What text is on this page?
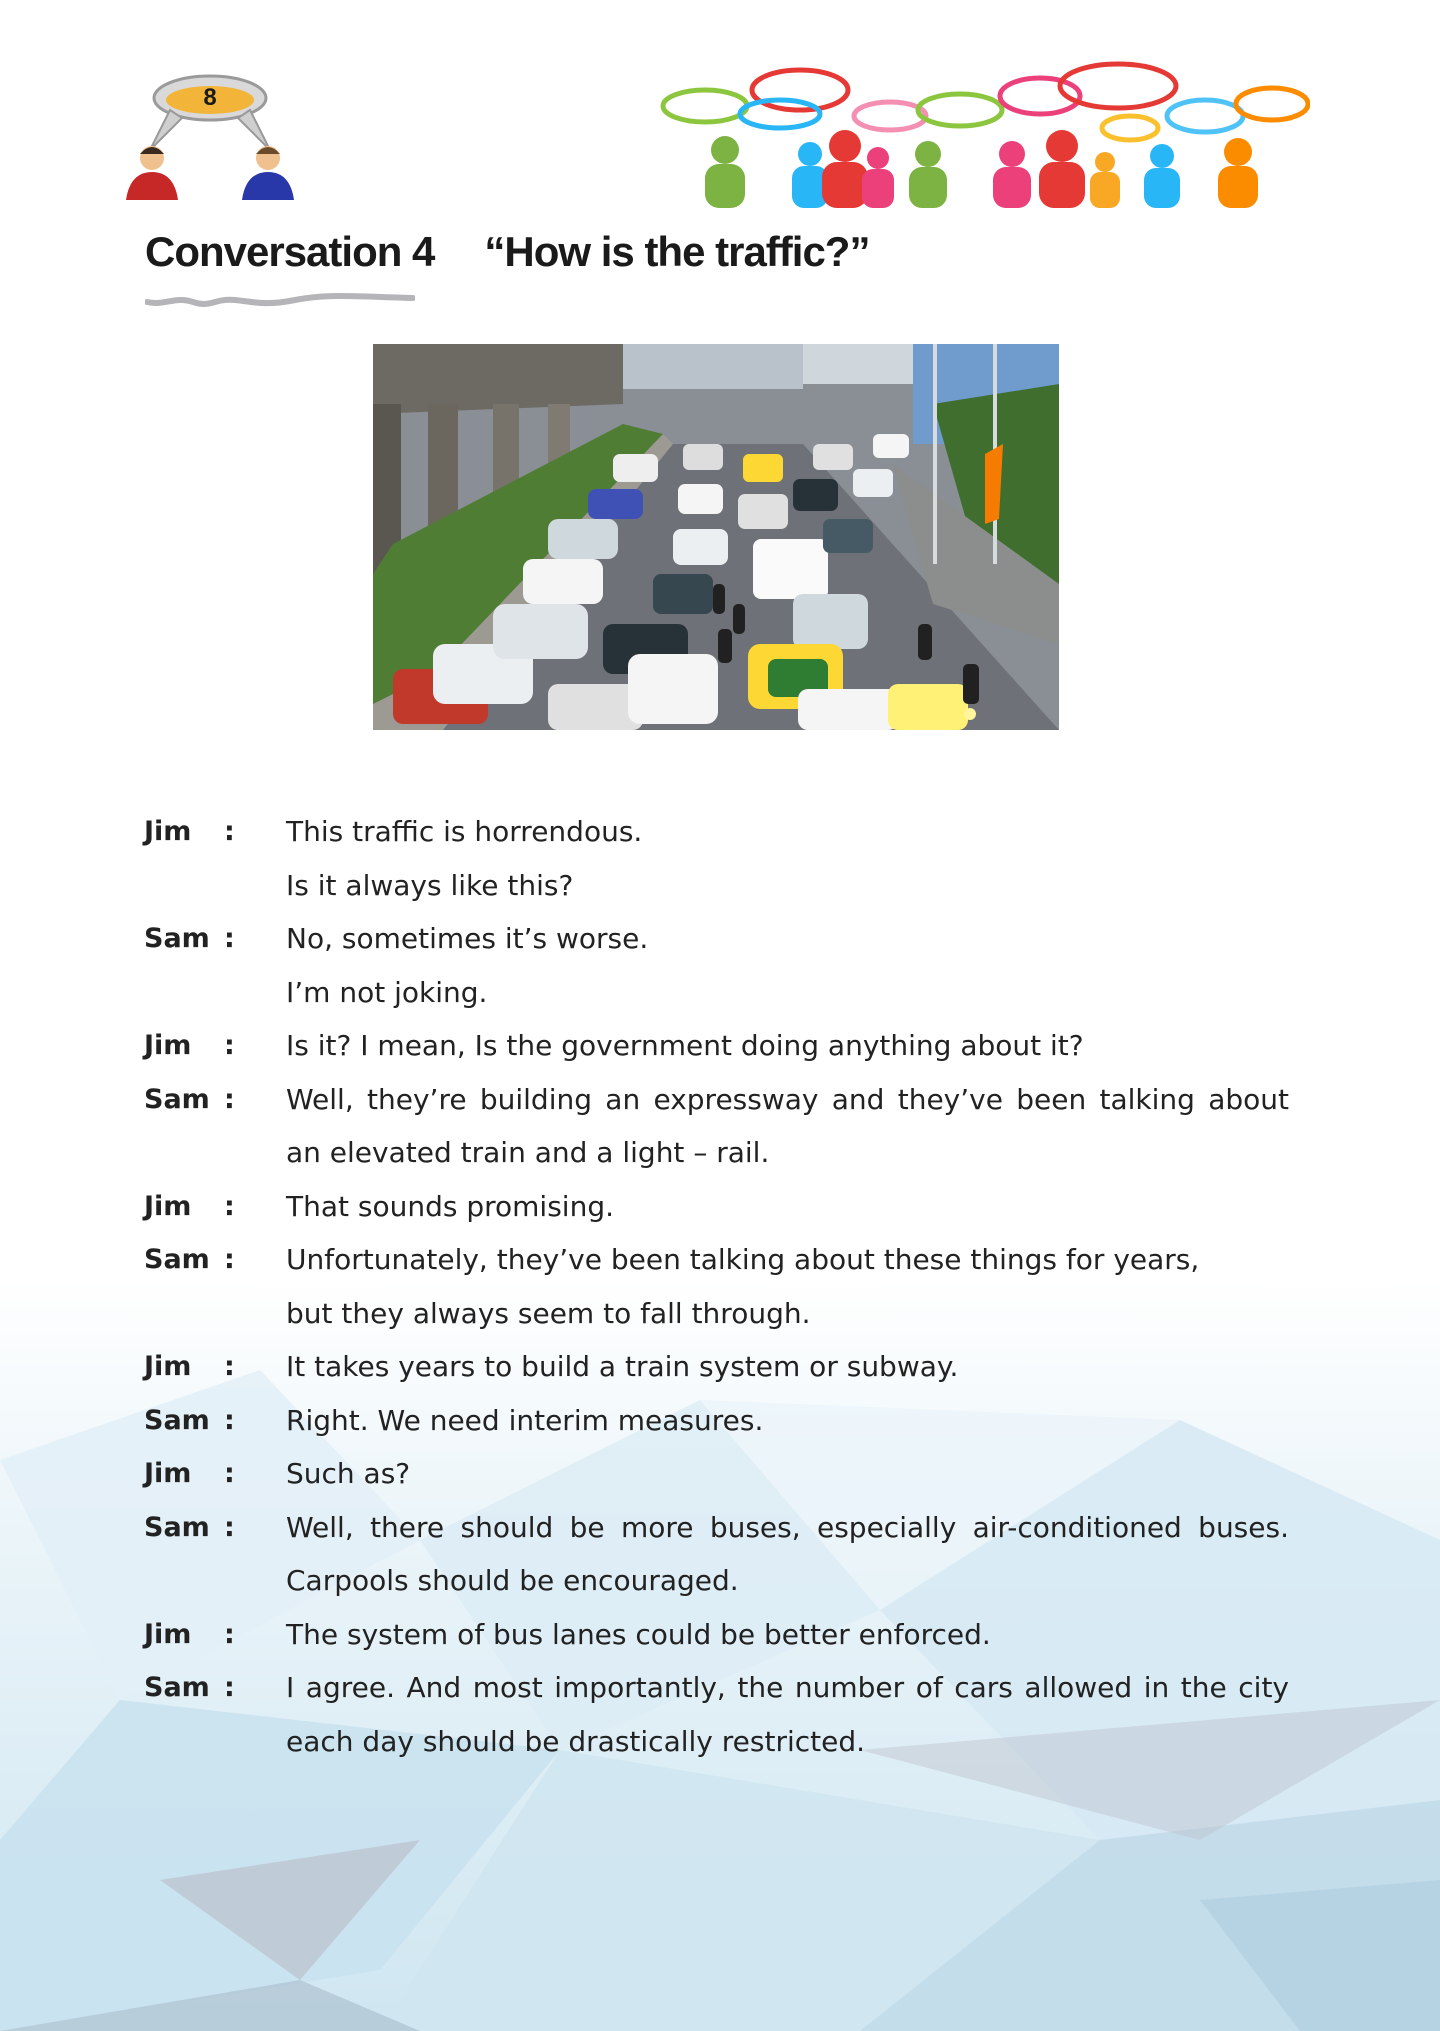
8
Conversation 4 “How is the traffic?”
Jim	:	This traffic is horrendous.
Is it always like this?
Sam :	No, sometimes it’s worse.
I’m not joking.
Jim	:	Is it? I mean, Is the government doing anything about it?
Sam :	Well, they’re building an expressway and they’ve been talking about
an elevated train and a light – rail.
Jim	:	That sounds promising.
Sam :	Unfortunately, they’ve been talking about these things for years,
but they always seem to fall through.
Jim	:	It takes years to build a train system or subway.
Sam :	Right. We need interim measures.
Jim	:	Such as?
Sam :	Well, there should be more buses, especially air-conditioned buses.
Carpools should be encouraged.
Jim	:	The system of bus lanes could be better enforced.
Sam :	I agree. And most importantly, the number of cars allowed in the city
each day should be drastically restricted.
